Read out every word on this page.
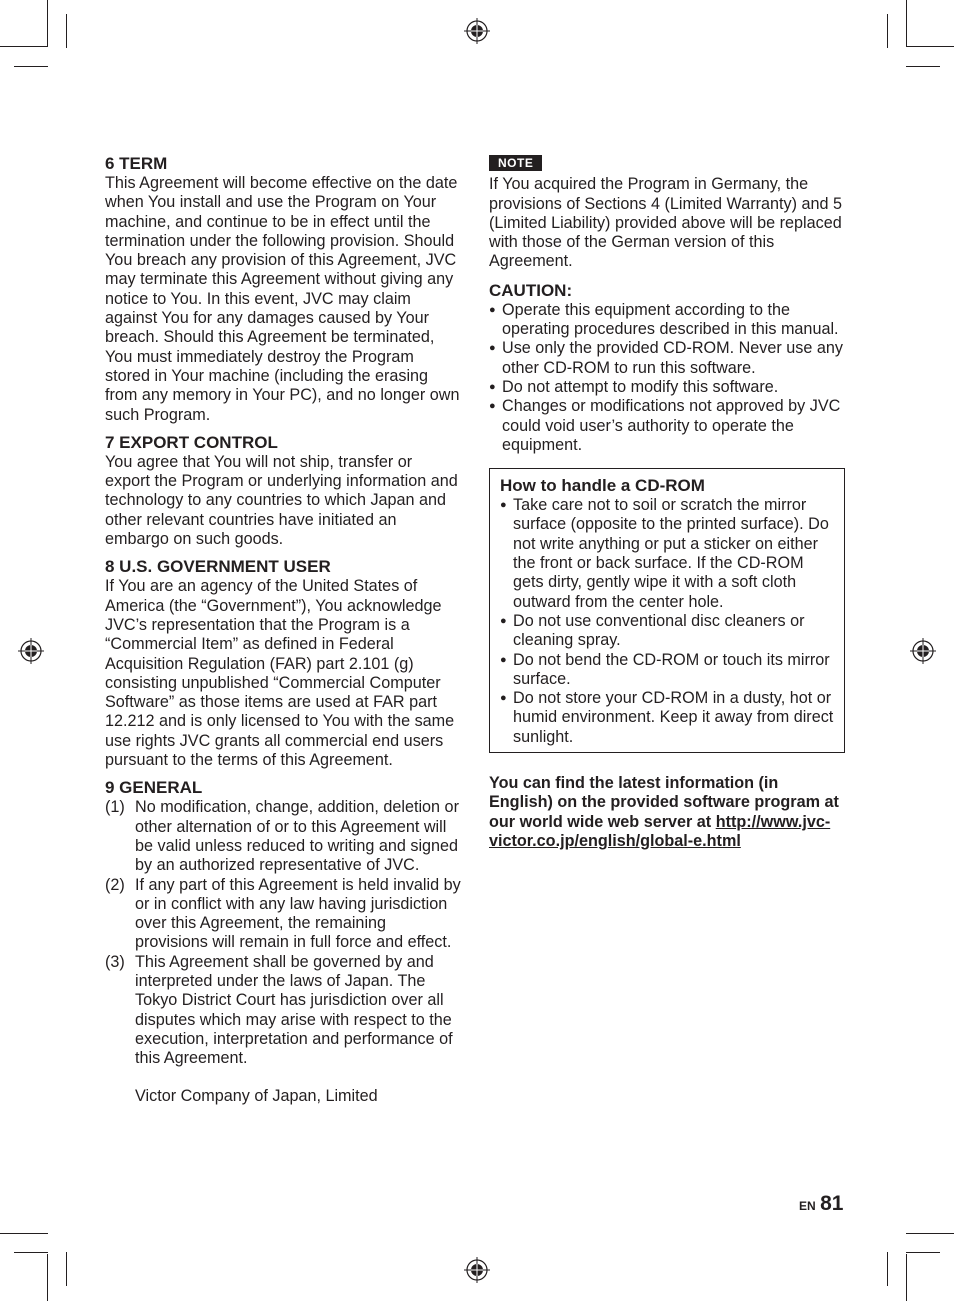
6 TERM

This Agreement will become effective on the date when You install and use the Program on Your machine, and continue to be in effect until the termination under the following provision. Should You breach any provision of this Agreement, JVC may terminate this Agreement without giving any notice to You. In this event, JVC may claim against You for any damages caused by Your breach. Should this Agreement be terminated, You must immediately destroy the Program stored in Your machine (including the erasing from any memory in Your PC), and no longer own such Program.

7 EXPORT CONTROL

You agree that You will not ship, transfer or export the Program or underlying information and technology to any countries to which Japan and other relevant countries have initiated an embargo on such goods.

8 U.S. GOVERNMENT USER

If You are an agency of the United States of America (the “Government”), You acknowledge JVC’s representation that the Program is a “Commercial Item” as defined in Federal Acquisition Regulation (FAR) part 2.101 (g) consisting unpublished “Commercial Computer Software” as those items are used at FAR part 12.212 and is only licensed to You with the same use rights JVC grants all commercial end users pursuant to the terms of this Agreement.

9 GENERAL
(1) No modification, change, addition, deletion or other alternation of or to this Agreement will be valid unless reduced to writing and signed by an authorized representative of JVC.
(2) If any part of this Agreement is held invalid by or in conflict with any law having jurisdiction over this Agreement, the remaining provisions will remain in full force and effect.
(3) This Agreement shall be governed by and interpreted under the laws of Japan. The Tokyo District Court has jurisdiction over all disputes which may arise with respect to the execution, interpretation and performance of this Agreement.

Victor Company of Japan, Limited

NOTE

If You acquired the Program in Germany, the provisions of Sections 4 (Limited Warranty) and 5 (Limited Liability) provided above will be replaced with those of the German version of this Agreement.

CAUTION:
● Operate this equipment according to the operating procedures described in this manual.
● Use only the provided CD-ROM. Never use any other CD-ROM to run this software.
● Do not attempt to modify this software.
● Changes or modifications not approved by JVC could void user’s authority to operate the equipment.
How to handle a CD-ROM
● Take care not to soil or scratch the mirror surface (opposite to the printed surface). Do not write anything or put a sticker on either the front or back surface. If the CD-ROM gets dirty, gently wipe it with a soft cloth outward from the center hole.
● Do not use conventional disc cleaners or cleaning spray.
● Do not bend the CD-ROM or touch its mirror surface.
● Do not store your CD-ROM in a dusty, hot or humid environment. Keep it away from direct sunlight.

You can find the latest information (in English) on the provided software program at our world wide web server at http://www.jvc-victor.co.jp/english/global-e.html

EN 81
